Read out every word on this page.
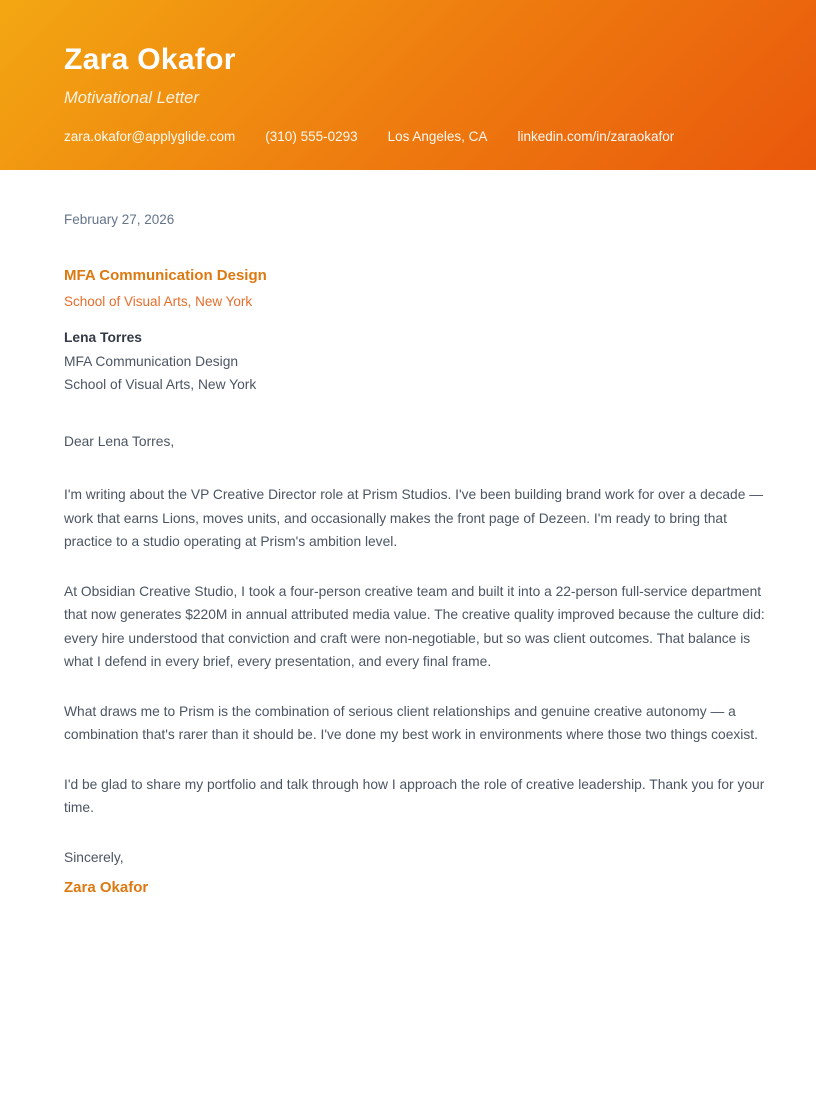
Zara Okafor
Motivational Letter
zara.okafor@applyglide.com (310) 555-0293 Los Angeles, CA linkedin.com/in/zaraokafor
February 27, 2026
MFA Communication Design
School of Visual Arts, New York
Lena Torres
MFA Communication Design
School of Visual Arts, New York

Dear Lena Torres,

I'm writing about the VP Creative Director role at Prism Studios. I've been building brand work for over a decade — work that earns Lions, moves units, and occasionally makes the front page of Dezeen. I'm ready to bring that practice to a studio operating at Prism's ambition level.

At Obsidian Creative Studio, I took a four-person creative team and built it into a 22-person full-service department that now generates $220M in annual attributed media value. The creative quality improved because the culture did: every hire understood that conviction and craft were non-negotiable, but so was client outcomes. That balance is what I defend in every brief, every presentation, and every final frame.

What draws me to Prism is the combination of serious client relationships and genuine creative autonomy — a combination that's rarer than it should be. I've done my best work in environments where those two things coexist.

I'd be glad to share my portfolio and talk through how I approach the role of creative leadership. Thank you for your time.

Sincerely,

Zara Okafor
